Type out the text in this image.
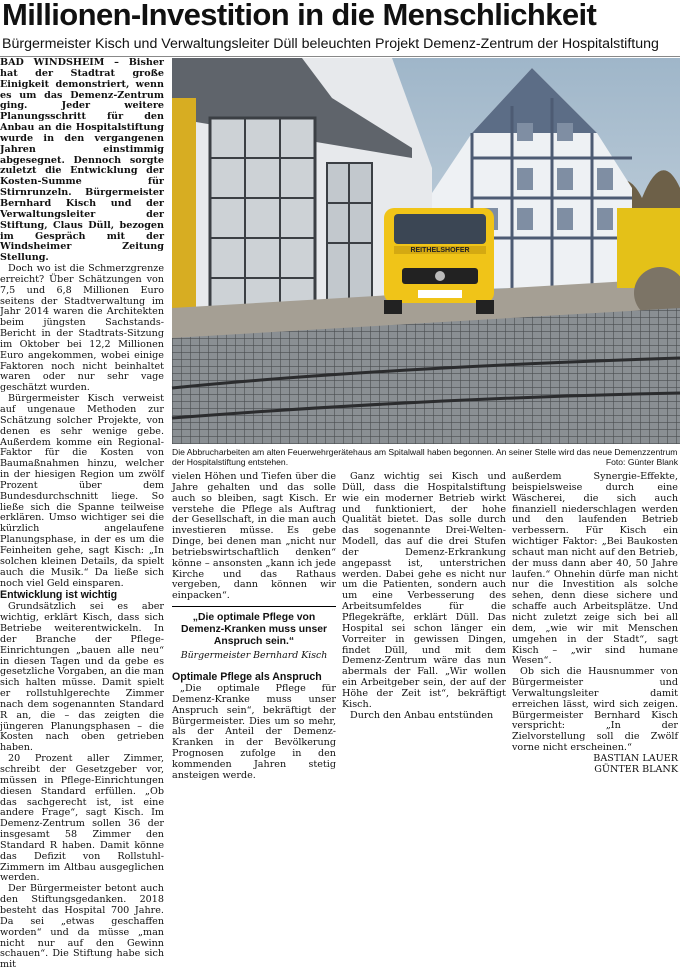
Millionen-Investition in die Menschlichkeit
Bürgermeister Kisch und Verwaltungsleiter Düll beleuchten Projekt Demenz-Zentrum der Hospitalstiftung

BAD WINDSHEIM – Bisher hat der Stadtrat große Einigkeit demonstriert, wenn es um das Demenz-Zentrum ging. Jeder weitere Planungsschritt für den Anbau an die Hospitalstiftung wurde in den vergangenen Jahren einstimmig abgesegnet. Dennoch sorgte zuletzt die Entwicklung der Kosten-Summe für Stirnrunzeln. Bürgermeister Bernhard Kisch und der Verwaltungsleiter der Stiftung, Claus Düll, bezogen im Gespräch mit der Windsheimer Zeitung Stellung.

Doch wo ist die Schmerzgrenze erreicht? Über Schätzungen von 7,5 und 6,8 Millionen Euro seitens der Stadtverwaltung im Jahr 2014 waren die Architekten beim jüngsten Sachstands-Bericht in der Stadtrats-Sitzung im Oktober bei 12,2 Millionen Euro angekommen, wobei einige Faktoren noch nicht beinhaltet waren oder nur sehr vage geschätzt wurden.

Bürgermeister Kisch verweist auf ungenaue Methoden zur Schätzung solcher Projekte, von denen es sehr wenige gebe. Außerdem komme ein Regional-Faktor für die Kosten von Baumaßnahmen hinzu, welcher in der hiesigen Region um zwölf Prozent über dem Bundesdurchschnitt liege. So ließe sich die Spanne teilweise erklären. Umso wichtiger sei die kürzlich angelaufene Planungsphase, in der es um die Feinheiten gehe, sagt Kisch: „In solchen kleinen Details, da spielt auch die Musik.“ Da ließe sich noch viel Geld einsparen.

Entwicklung ist wichtig

Grundsätzlich sei es aber wichtig, erklärt Kisch, dass sich Betriebe weiterentwickeln. In der Branche der Pflege-Einrichtungen „bauen alle neu“ in diesen Tagen und da gebe es gesetzliche Vorgaben, an die man sich halten müsse. Damit spielt er rollstuhlgerechte Zimmer nach dem sogenannten Standard R an, die – das zeigten die jüngeren Planungsphasen – die Kosten nach oben getrieben haben.

20 Prozent aller Zimmer, schreibt der Gesetzgeber vor, müssen in Pflege-Einrichtungen diesen Standard erfüllen. „Ob das sachgerecht ist, ist eine andere Frage“, sagt Kisch. Im Demenz-Zentrum sollen 36 der insgesamt 58 Zimmer den Standard R haben. Damit könne das Defizit von Rollstuhl-Zimmern im Altbau ausgeglichen werden.

Der Bürgermeister betont auch den Stiftungsgedanken. 2018 besteht das Hospital 700 Jahre. Da sei „etwas geschaffen worden“ und da müsse „man nicht nur auf den Gewinn schauen“. Die Stiftung habe sich mit

REITHELSHOFER
Die Abbrucharbeiten am alten Feuerwehrgerätehaus am Spitalwall haben begonnen. An seiner Stelle wird das neue Demenzzentrum der Hospitalstiftung entstehen.	Foto: Günter Blank

vielen Höhen und Tiefen über die Jahre gehalten und das solle auch so bleiben, sagt Kisch. Er verstehe die Pflege als Auftrag der Gesellschaft, in die man auch investieren müsse. Es gebe Dinge, bei denen man „nicht nur betriebswirtschaftlich denken“ könne – ansonsten „kann ich jede Kirche und das Rathaus vergeben, dann können wir einpacken“.

„Die optimale Pflege von Demenz-Kranken muss unser Anspruch sein.“
Bürgermeister Bernhard Kisch

Optimale Pflege als Anspruch

„Die optimale Pflege für Demenz-Kranke muss unser Anspruch sein“, bekräftigt der Bürgermeister. Dies um so mehr, als der Anteil der Demenz-Kranken in der Bevölkerung Prognosen zufolge in den kommenden Jahren stetig ansteigen werde.

Ganz wichtig sei Kisch und Düll, dass die Hospitalstiftung wie ein moderner Betrieb wirkt und funktioniert, der hohe Qualität bietet. Das solle durch das sogenannte Drei-Welten-Modell, das auf die drei Stufen der Demenz-Erkrankung angepasst ist, unterstrichen werden. Dabei gehe es nicht nur um die Patienten, sondern auch um eine Verbesserung des Arbeitsumfeldes für die Pflegekräfte, erklärt Düll. Das Hospital sei schon länger ein Vorreiter in gewissen Dingen, findet Düll, und mit dem Demenz-Zentrum wäre das nun abermals der Fall. „Wir wollen ein Arbeitgeber sein, der auf der Höhe der Zeit ist“, bekräftigt Kisch.

Durch den Anbau entstünden

außerdem Synergie-Effekte, beispielsweise durch eine Wäscherei, die sich auch finanziell niederschlagen werden und den laufenden Betrieb verbessern. Für Kisch ein wichtiger Faktor: „Bei Baukosten schaut man nicht auf den Betrieb, der muss dann aber 40, 50 Jahre laufen.“ Ohnehin dürfe man nicht nur die Investition als solche sehen, denn diese sichere und schaffe auch Arbeitsplätze. Und nicht zuletzt zeige sich bei all dem, „wie wir mit Menschen umgehen in der Stadt“, sagt Kisch – „wir sind humane Wesen“.

Ob sich die Hausnummer von Bürgermeister und Verwaltungsleiter damit erreichen lässt, wird sich zeigen. Bürgermeister Bernhard Kisch verspricht: „In der Zielvorstellung soll die Zwölf vorne nicht erscheinen.“

BASTIAN LAUER

GÜNTER BLANK
